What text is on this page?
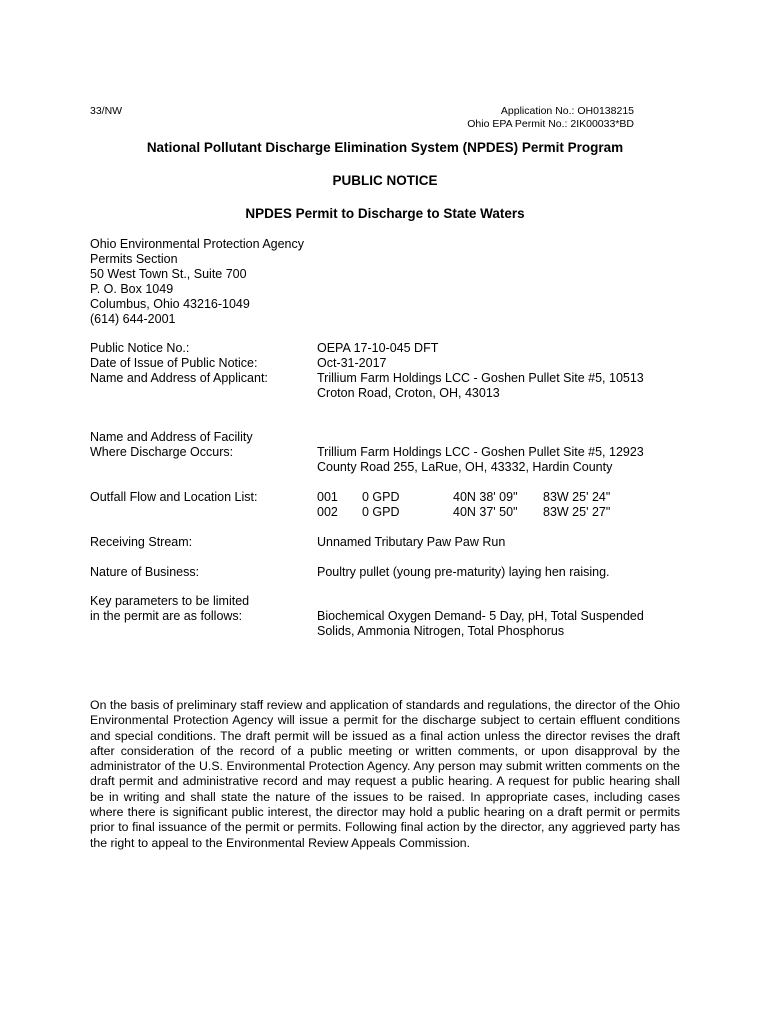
33/NW	Application No.: OH0138215
Ohio EPA Permit No.: 2IK00033*BD
National Pollutant Discharge Elimination System (NPDES) Permit Program
PUBLIC NOTICE
NPDES Permit to Discharge to State Waters
Ohio Environmental Protection Agency
Permits Section
50 West Town St., Suite 700
P. O. Box 1049
Columbus, Ohio 43216-1049
(614) 644-2001
Public Notice No.:	OEPA 17-10-045 DFT
Date of Issue of Public Notice:	Oct-31-2017
Name and Address of Applicant:	Trillium Farm Holdings LCC - Goshen Pullet Site #5, 10513
Croton Road, Croton, OH, 43013
Name and Address of Facility
Where Discharge Occurs:	Trillium Farm Holdings LCC - Goshen Pullet Site #5, 12923
County Road 255, LaRue, OH, 43332, Hardin County
Outfall Flow and Location List:	001 0 GPD	40N 38' 09" 83W 25' 24"
002 0 GPD	40N 37' 50" 83W 25' 27"
Receiving Stream:	Unnamed Tributary Paw Paw Run
Nature of Business:	Poultry pullet (young pre-maturity) laying hen raising.
Key parameters to be limited
in the permit are as follows:	Biochemical Oxygen Demand- 5 Day, pH, Total Suspended
Solids, Ammonia Nitrogen, Total Phosphorus
On the basis of preliminary staff review and application of standards and regulations, the director of the Ohio Environmental Protection Agency will issue a permit for the discharge subject to certain effluent conditions and special conditions. The draft permit will be issued as a final action unless the director revises the draft after consideration of the record of a public meeting or written comments, or upon disapproval by the administrator of the U.S. Environmental Protection Agency. Any person may submit written comments on the draft permit and administrative record and may request a public hearing. A request for public hearing shall be in writing and shall state the nature of the issues to be raised. In appropriate cases, including cases where there is significant public interest, the director may hold a public hearing on a draft permit or permits prior to final issuance of the permit or permits. Following final action by the director, any aggrieved party has the right to appeal to the Environmental Review Appeals Commission.
